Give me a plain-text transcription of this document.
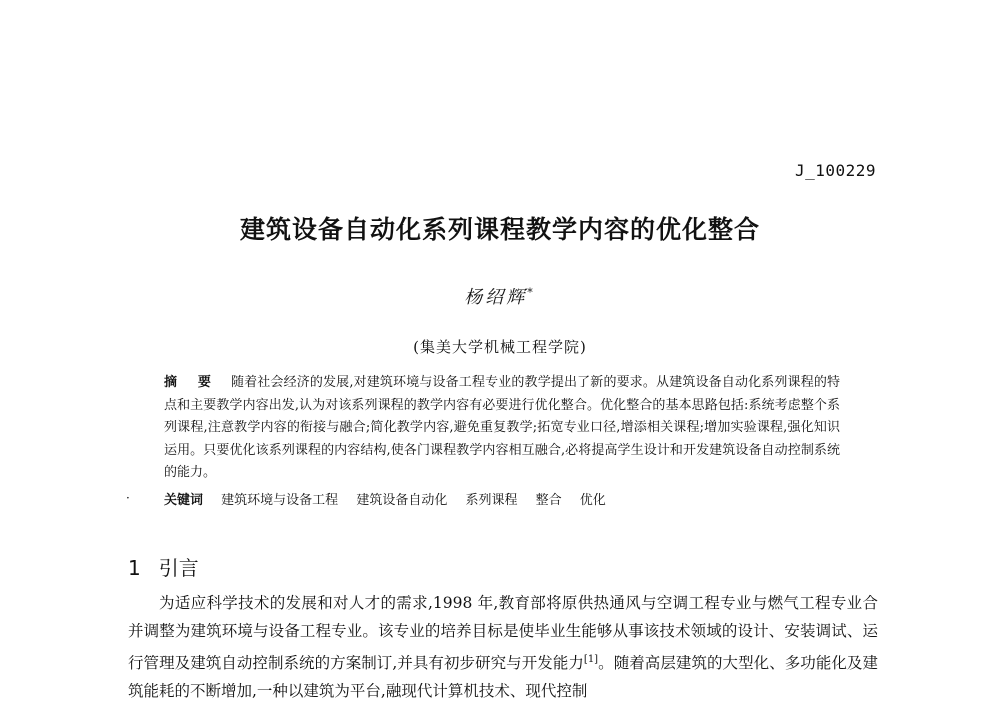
J_100229
建筑设备自动化系列课程教学内容的优化整合
杨绍辉*
(集美大学机械工程学院)
摘 要 随着社会经济的发展,对建筑环境与设备工程专业的教学提出了新的要求。从建筑设备自动化系列课程的特点和主要教学内容出发,认为对该系列课程的教学内容有必要进行优化整合。优化整合的基本思路包括:系统考虑整个系列课程,注意教学内容的衔接与融合;简化教学内容,避免重复教学;拓宽专业口径,增添相关课程;增加实验课程,强化知识运用。只要优化该系列课程的内容结构,使各门课程教学内容相互融合,必将提高学生设计和开发建筑设备自动控制系统的能力。
·	关键词 建筑环境与设备工程 建筑设备自动化 系列课程 整合 优化
1 引言

为适应科学技术的发展和对人才的需求,1998 年,教育部将原供热通风与空调工程专业与燃气工程专业合并调整为建筑环境与设备工程专业。该专业的培养目标是使毕业生能够从事该技术领域的设计、安装调试、运行管理及建筑自动控制系统的方案制订,并具有初步研究与开发能力[1]。随着高层建筑的大型化、多功能化及建筑能耗的不断增加,一种以建筑为平台,融现代计算机技术、现代控制
